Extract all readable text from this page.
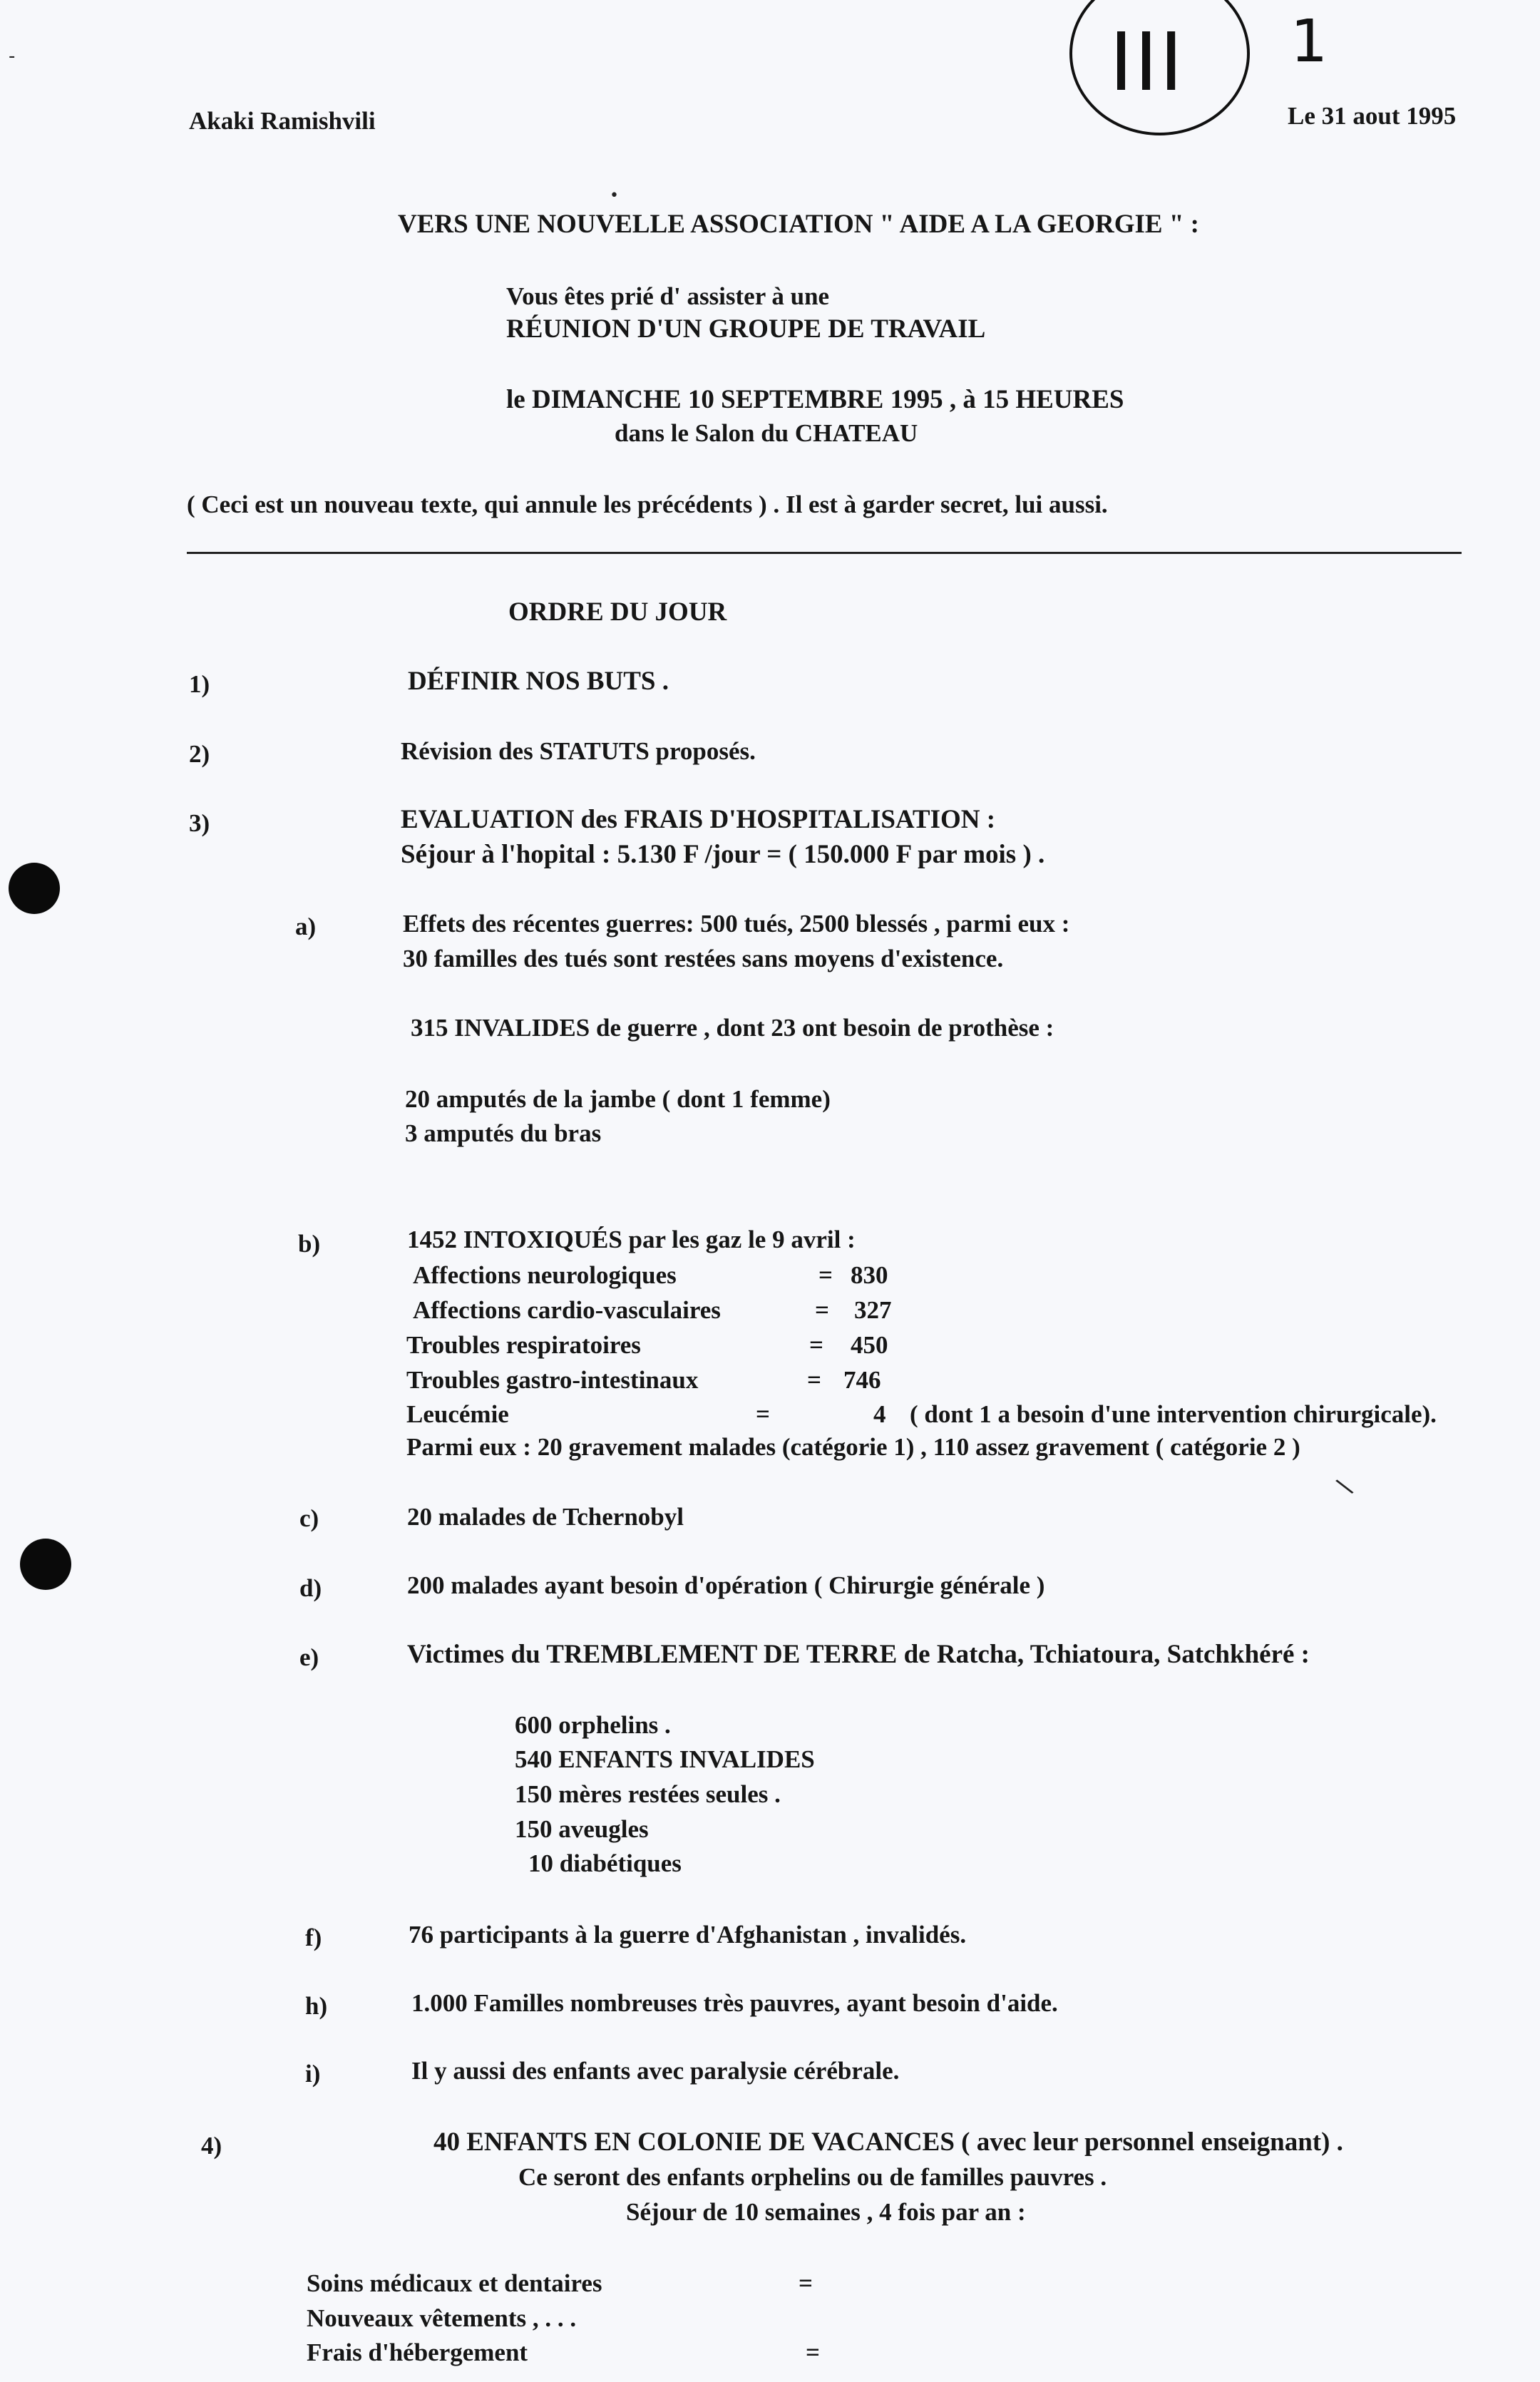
-
•
\
III 1
Akaki Ramishvili	Le 31 aout 1995
VERS UNE NOUVELLE ASSOCIATION " AIDE A LA GEORGIE " :
Vous êtes prié d' assister à une
RÉUNION D'UN GROUPE DE TRAVAIL
le DIMANCHE 10 SEPTEMBRE 1995 , à 15 HEURES
dans le Salon du CHATEAU
( Ceci est un nouveau texte, qui annule les précédents ) . Il est à garder secret, lui aussi.
ORDRE DU JOUR
1)	DÉFINIR NOS BUTS .
2)	Révision des STATUTS proposés.
3)	EVALUATION des FRAIS D'HOSPITALISATION :
Séjour à l'hopital : 5.130 F /jour = ( 150.000 F par mois ) .
a)	Effets des récentes guerres: 500 tués, 2500 blessés , parmi eux :
30 familles des tués sont restées sans moyens d'existence.
315 INVALIDES de guerre , dont 23 ont besoin de prothèse :
20 amputés de la jambe ( dont 1 femme)
3 amputés du bras
b)	1452 INTOXIQUÉS par les gaz le 9 avril :
Affections neurologiques	= 830
Affections cardio-vasculaires	= 327
Troubles respiratoires	= 450
Troubles gastro-intestinaux	= 746
Leucémie	=	4 ( dont 1 a besoin d'une intervention chirurgicale).
Parmi eux : 20 gravement malades (catégorie 1) , 110 assez gravement ( catégorie 2 )
c)	20 malades de Tchernobyl
d)	200 malades ayant besoin d'opération ( Chirurgie générale )
e)	Victimes du TREMBLEMENT DE TERRE de Ratcha, Tchiatoura, Satchkhéré :
600 orphelins .
540 ENFANTS INVALIDES
150 mères restées seules .
150 aveugles
10 diabétiques
f)	76 participants à la guerre d'Afghanistan , invalidés.
h)	1.000 Familles nombreuses très pauvres, ayant besoin d'aide.
i)	Il y aussi des enfants avec paralysie cérébrale.
4)	40 ENFANTS EN COLONIE DE VACANCES ( avec leur personnel enseignant) .
Ce seront des enfants orphelins ou de familles pauvres .
Séjour de 10 semaines , 4 fois par an :
Soins médicaux et dentaires	=
Nouveaux vêtements , . . .
Frais d'hébergement	=
